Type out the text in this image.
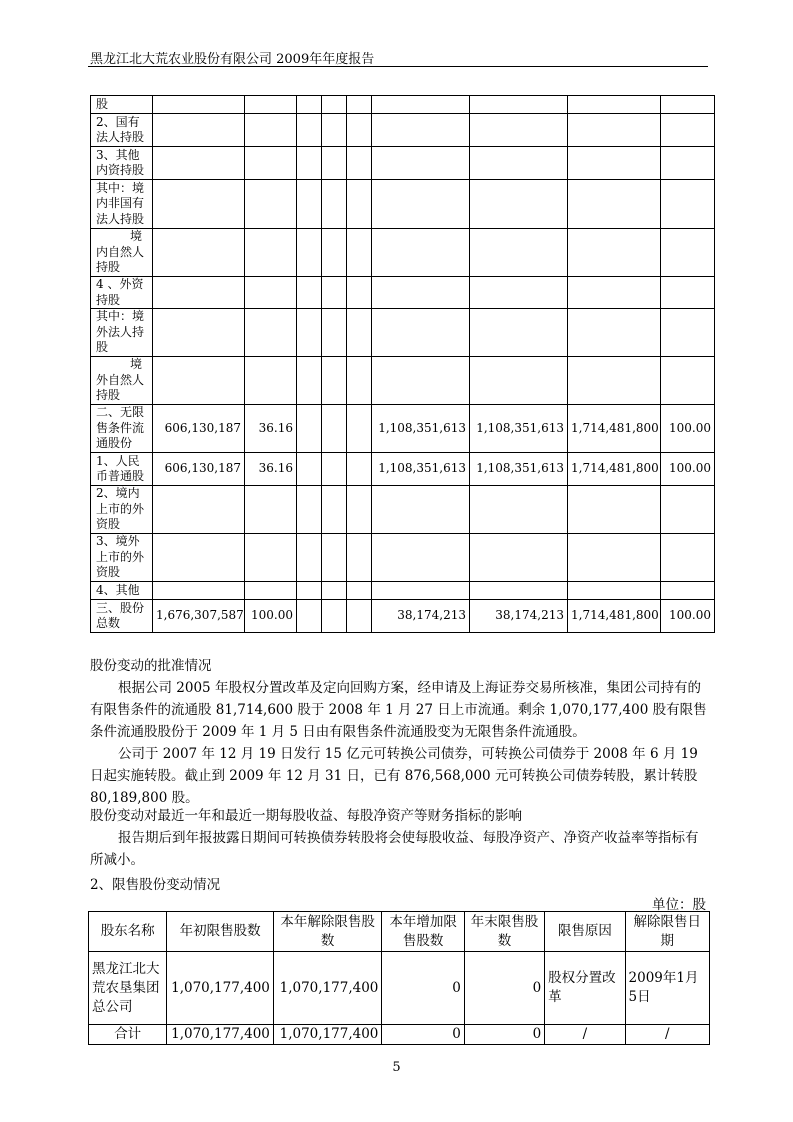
黑龙江北大荒农业股份有限公司 2009年年度报告
股									
2、国有法人持股									
3、其他内资持股									
其中：境内非国有法人持股									
境内自然人持股									
4 、外资持股									
其中：境外法人持股									
境外自然人持股									
二、无限售条件流通股份	606,130,187	36.16				1,108,351,613	1,108,351,613	1,714,481,800	100.00
1、人民币普通股	606,130,187	36.16				1,108,351,613	1,108,351,613	1,714,481,800	100.00
2、境内上市的外资股									
3、境外上市的外资股									
4、其他									
三、股份总数	1,676,307,587	100.00				38,174,213	38,174,213	1,714,481,800	100.00
股份变动的批准情况
根据公司 2005 年股权分置改革及定向回购方案，经申请及上海证券交易所核准，集团公司持有的有限售条件的流通股 81,714,600 股于 2008 年 1 月 27 日上市流通。剩余 1,070,177,400 股有限售条件流通股股份于 2009 年 1 月 5 日由有限售条件流通股变为无限售条件流通股。
公司于 2007 年 12 月 19 日发行 15 亿元可转换公司债券，可转换公司债券于 2008 年 6 月 19 日起实施转股。截止到 2009 年 12 月 31 日，已有 876,568,000 元可转换公司债券转股，累计转股 80,189,800 股。
股份变动对最近一年和最近一期每股收益、每股净资产等财务指标的影响
报告期后到年报披露日期间可转换债券转股将会使每股收益、每股净资产、净资产收益率等指标有所减小。
2、限售股份变动情况
单位：股
股东名称	年初限售股数	本年解除限售股数	本年增加限售股数	年末限售股数	限售原因	解除限售日期
黑龙江北大荒农垦集团总公司	1,070,177,400	1,070,177,400	0	0	股权分置改革	2009年1月5日
合计	1,070,177,400	1,070,177,400	0	0	/	/
5
